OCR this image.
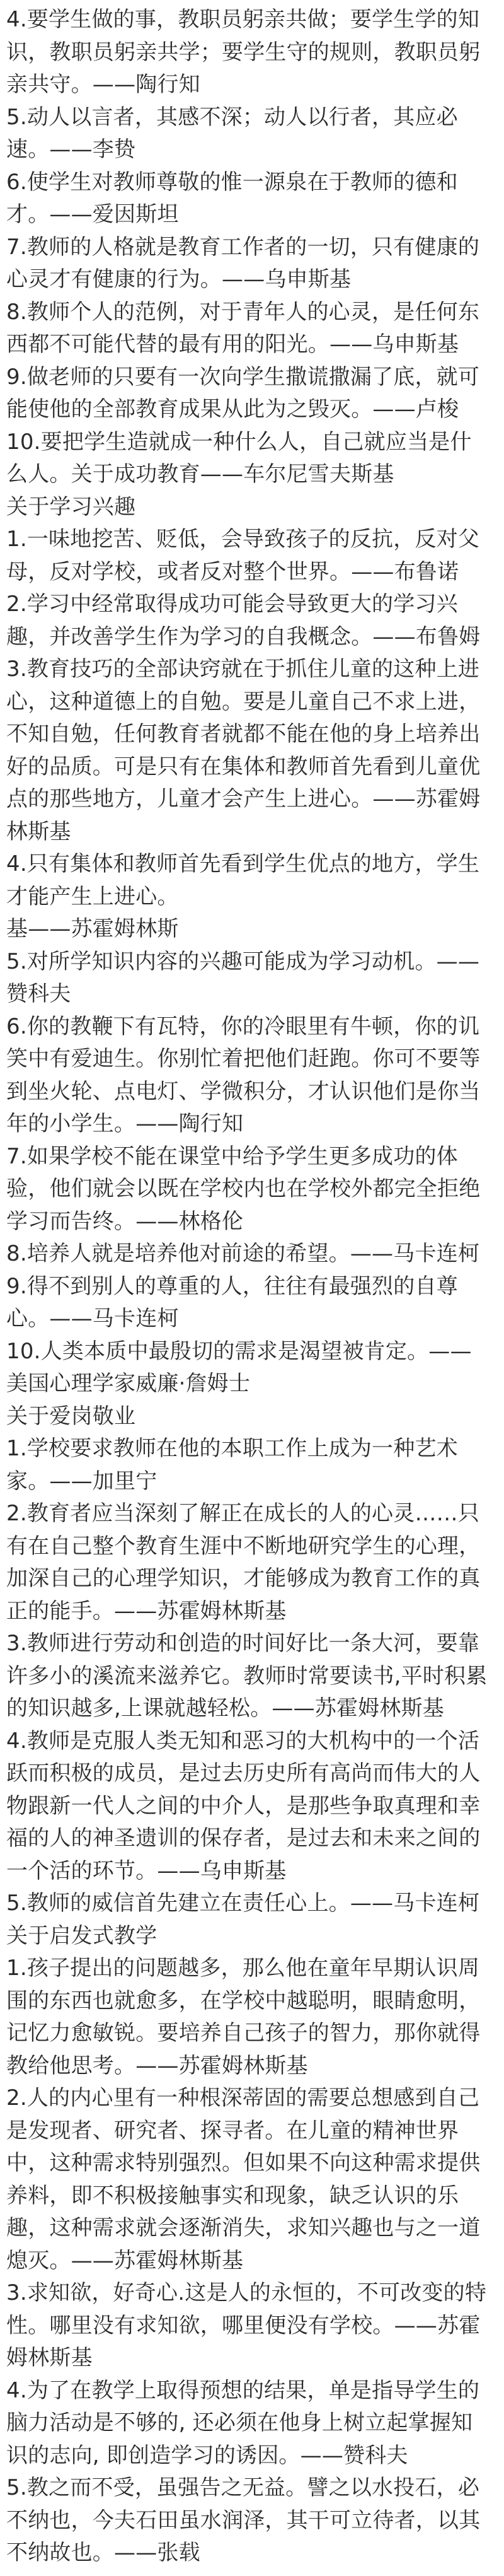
4.要学生做的事，教职员躬亲共做；要学生学的知识，教职员躬亲共学；要学生守的规则，教职员躬亲共守。——陶行知

5.动人以言者，其感不深；动人以行者，其应必速。——李贽

6.使学生对教师尊敬的惟一源泉在于教师的德和才。——爱因斯坦

7.教师的人格就是教育工作者的一切，只有健康的心灵才有健康的行为。——乌申斯基

8.教师个人的范例，对于青年人的心灵，是任何东西都不可能代替的最有用的阳光。——乌申斯基

9.做老师的只要有一次向学生撒谎撒漏了底，就可能使他的全部教育成果从此为之毁灭。——卢梭

10.要把学生造就成一种什么人，自己就应当是什么人。关于成功教育——车尔尼雪夫斯基

关于学习兴趣

1.一味地挖苦、贬低，会导致孩子的反抗，反对父母，反对学校，或者反对整个世界。——布鲁诺

2.学习中经常取得成功可能会导致更大的学习兴趣，并改善学生作为学习的自我概念。——布鲁姆

3.教育技巧的全部诀窍就在于抓住儿童的这种上进心，这种道德上的自勉。要是儿童自己不求上进，不知自勉，任何教育者就都不能在他的身上培养出好的品质。可是只有在集体和教师首先看到儿童优点的那些地方，儿童才会产生上进心。——苏霍姆林斯基

4.只有集体和教师首先看到学生优点的地方，学生才能产生上进心。

基——苏霍姆林斯

5.对所学知识内容的兴趣可能成为学习动机。——赞科夫

6.你的教鞭下有瓦特，你的冷眼里有牛顿，你的讥笑中有爱迪生。你别忙着把他们赶跑。你可不要等到坐火轮、点电灯、学微积分，才认识他们是你当年的小学生。——陶行知

7.如果学校不能在课堂中给予学生更多成功的体验，他们就会以既在学校内也在学校外都完全拒绝学习而告终。——林格伦

8.培养人就是培养他对前途的希望。——马卡连柯

9.得不到别人的尊重的人，往往有最强烈的自尊心。——马卡连柯

10.人类本质中最殷切的需求是渴望被肯定。——美国心理学家威廉·詹姆士

关于爱岗敬业

1.学校要求教师在他的本职工作上成为一种艺术家。——加里宁

2.教育者应当深刻了解正在成长的人的心灵……只有在自己整个教育生涯中不断地研究学生的心理，加深自己的心理学知识，才能够成为教育工作的真正的能手。——苏霍姆林斯基

3.教师进行劳动和创造的时间好比一条大河，要靠许多小的溪流来滋养它。教师时常要读书,平时积累的知识越多,上课就越轻松。——苏霍姆林斯基

4.教师是克服人类无知和恶习的大机构中的一个活跃而积极的成员，是过去历史所有高尚而伟大的人物跟新一代人之间的中介人，是那些争取真理和幸福的人的神圣遗训的保存者，是过去和未来之间的一个活的环节。——乌申斯基

5.教师的威信首先建立在责任心上。——马卡连柯

关于启发式教学

1.孩子提出的问题越多，那么他在童年早期认识周围的东西也就愈多，在学校中越聪明，眼睛愈明，记忆力愈敏锐。要培养自己孩子的智力，那你就得教给他思考。——苏霍姆林斯基

2.人的内心里有一种根深蒂固的需要总想感到自己是发现者、研究者、探寻者。在儿童的精神世界中，这种需求特别强烈。但如果不向这种需求提供养料，即不积极接触事实和现象，缺乏认识的乐趣，这种需求就会逐渐消失，求知兴趣也与之一道熄灭。——苏霍姆林斯基

3.求知欲，好奇心.这是人的永恒的，不可改变的特性。哪里没有求知欲，哪里便没有学校。——苏霍姆林斯基

4.为了在教学上取得预想的结果，单是指导学生的脑力活动是不够的, 还必须在他身上树立起掌握知识的志向, 即创造学习的诱因。——赞科夫

5.教之而不受，虽强告之无益。譬之以水投石，必不纳也，今夫石田虽水润泽，其干可立待者，以其不纳故也。——张载
